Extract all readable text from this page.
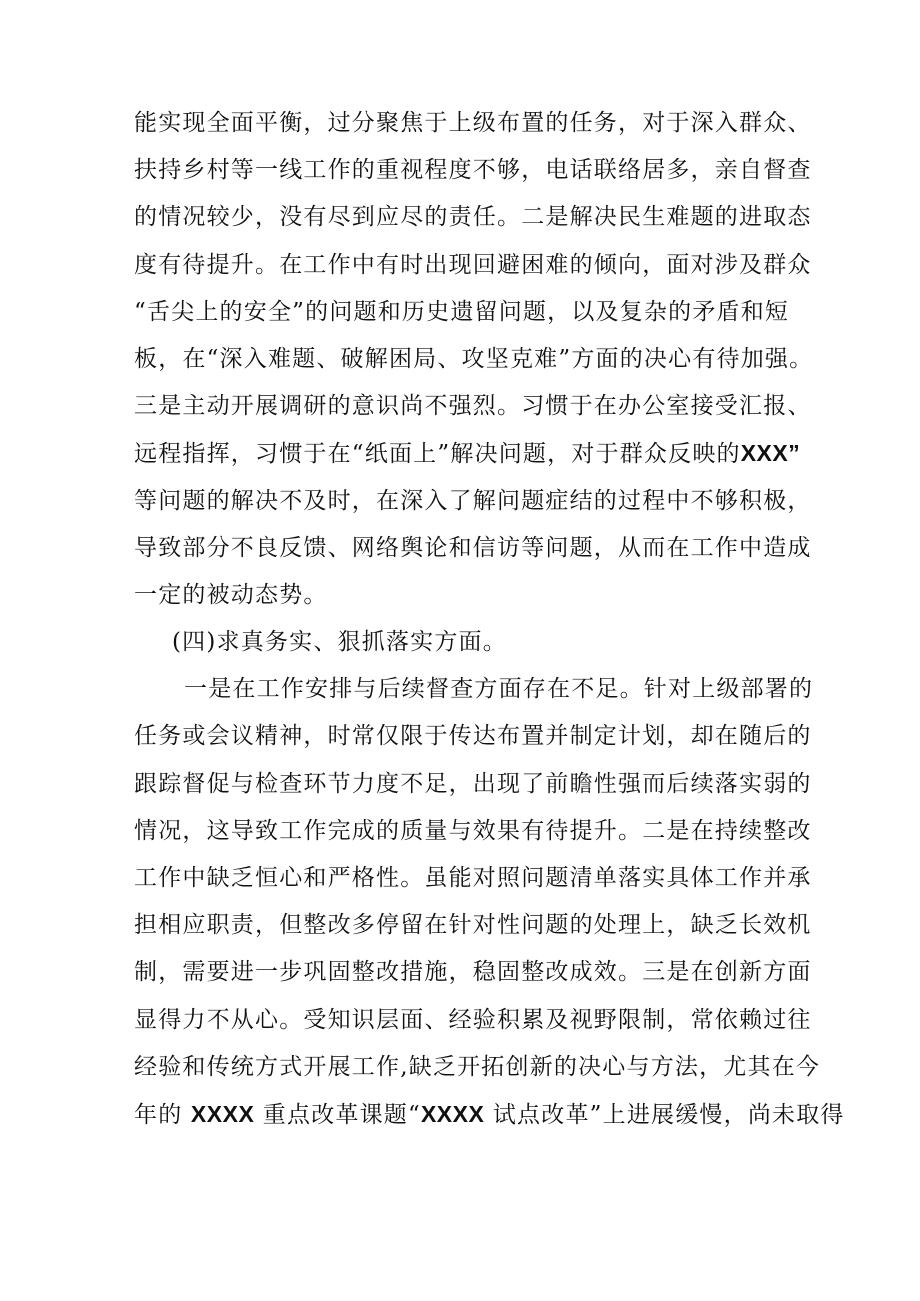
能实现全面平衡，过分聚焦于上级布置的任务，对于深入群众、
扶持乡村等一线工作的重视程度不够，电话联络居多，亲自督查
的情况较少，没有尽到应尽的责任。二是解决民生难题的进取态
度有待提升。在工作中有时出现回避困难的倾向，面对涉及群众
“舌尖上的安全”的问题和历史遗留问题，以及复杂的矛盾和短
板，在“深入难题、破解困局、攻坚克难”方面的决心有待加强。
三是主动开展调研的意识尚不强烈。习惯于在办公室接受汇报、
远程指挥，习惯于在“纸面上”解决问题，对于群众反映的XXX”
等问题的解决不及时，在深入了解问题症结的过程中不够积极，
导致部分不良反馈、网络舆论和信访等问题，从而在工作中造成
一定的被动态势。
(四)求真务实、狠抓落实方面。
一是在工作安排与后续督查方面存在不足。针对上级部署的
任务或会议精神，时常仅限于传达布置并制定计划，却在随后的
跟踪督促与检查环节力度不足，出现了前瞻性强而后续落实弱的
情况，这导致工作完成的质量与效果有待提升。二是在持续整改
工作中缺乏恒心和严格性。虽能对照问题清单落实具体工作并承
担相应职责，但整改多停留在针对性问题的处理上，缺乏长效机
制，需要进一步巩固整改措施，稳固整改成效。三是在创新方面
显得力不从心。受知识层面、经验积累及视野限制，常依赖过往
经验和传统方式开展工作,缺乏开拓创新的决心与方法，尤其在今
年的 XXXX 重点改革课题“XXXX 试点改革”上进展缓慢，尚未取得
